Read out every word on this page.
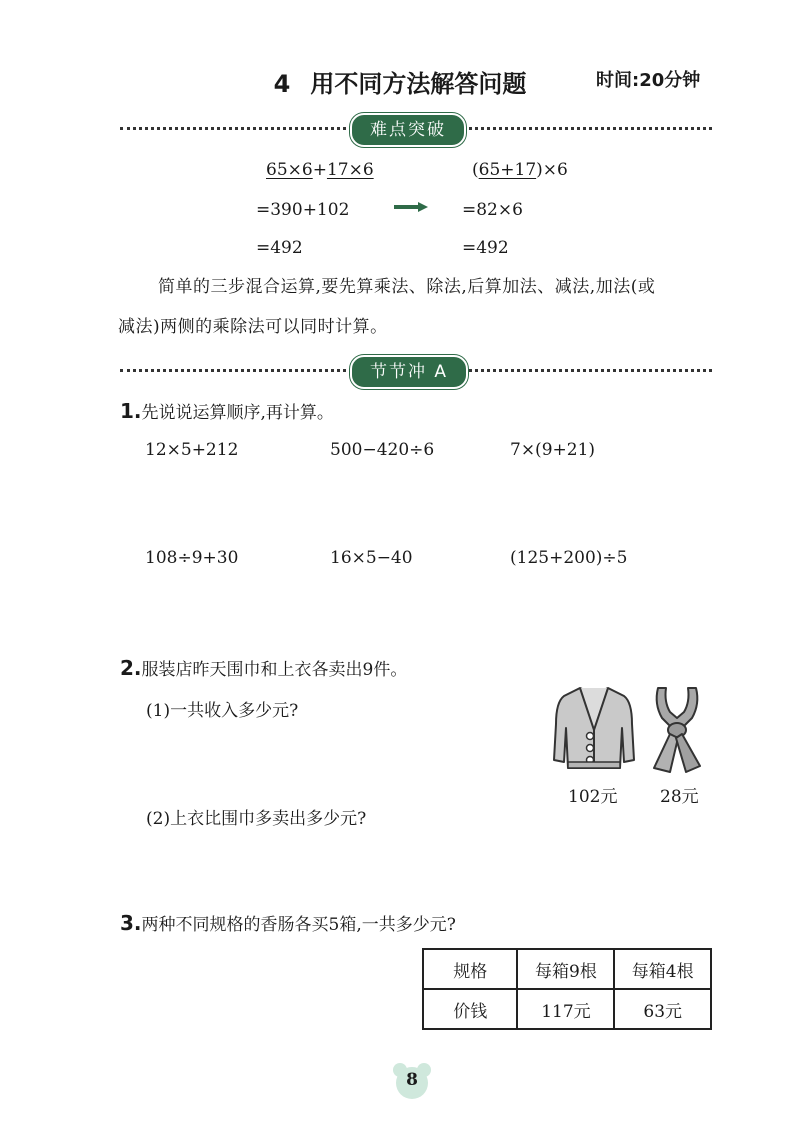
4 用不同方法解答问题	时间:20分钟
难点突破
65×6+17×6
=390+102
=492
(65+17)×6
=82×6
=492
简单的三步混合运算,要先算乘法、除法,后算加法、减法,加法(或
减法)两侧的乘除法可以同时计算。
节节冲 A
1.先说说运算顺序,再计算。
12×5+212	500−420÷6	7×(9+21)
108÷9+30	16×5−40	(125+200)÷5
2.服装店昨天围巾和上衣各卖出9件。
(1)一共收入多少元?
(2)上衣比围巾多卖出多少元?
102元	28元
3.两种不同规格的香肠各买5箱,一共多少元?
规格	每箱9根	每箱4根
价钱	117元	63元
8
